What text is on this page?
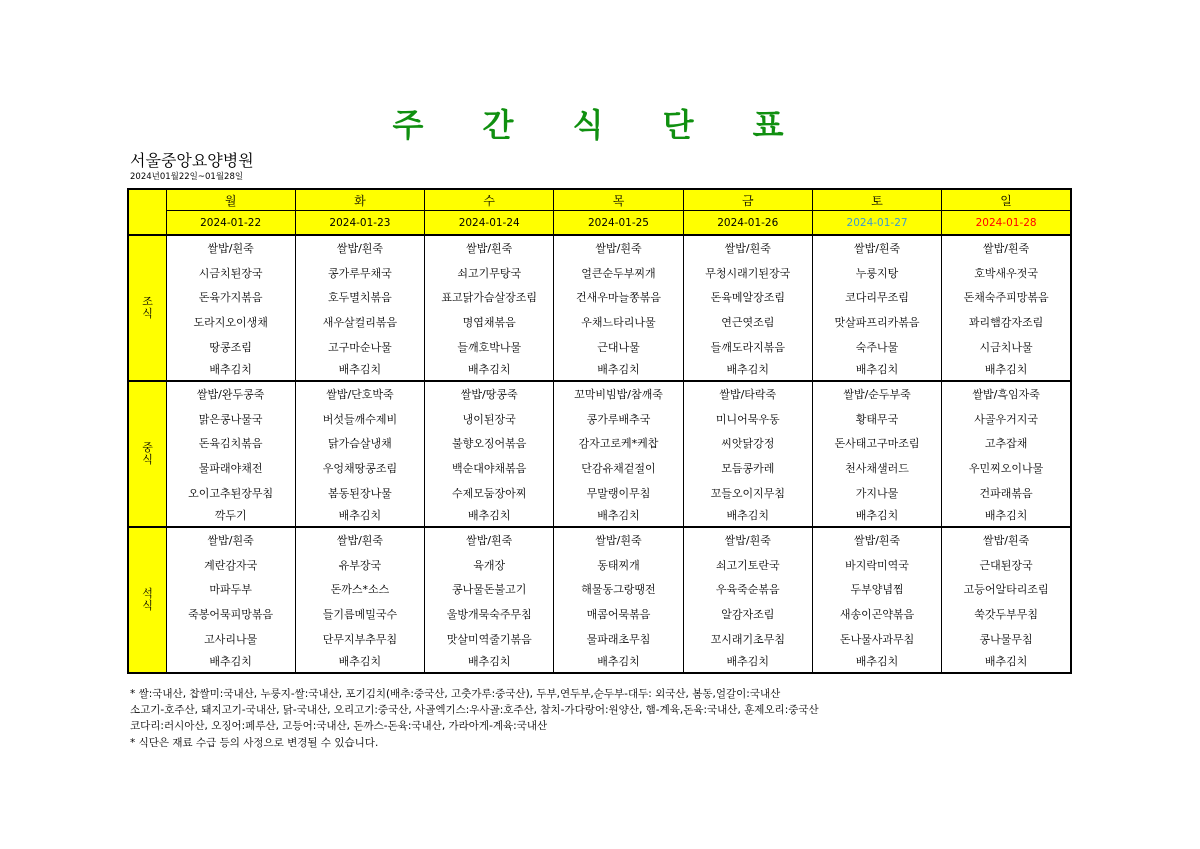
주 간 식 단 표
서울중앙요양병원
2024년01월22일~01월28일
	월	화	수	목	금	토	일
	2024-01-22	2024-01-23	2024-01-24	2024-01-25	2024-01-26	2024-01-27	2024-01-28
조식	쌀밥/흰죽	쌀밥/흰죽	쌀밥/흰죽	쌀밥/흰죽	쌀밥/흰죽	쌀밥/흰죽	쌀밥/흰죽
	시금치된장국	콩가루무채국	쇠고기무탕국	얼큰순두부찌개	무청시래기된장국	누룽지탕	호박새우젓국
	돈육가지볶음	호두멸치볶음	표고닭가슴살장조림	건새우마늘쫑볶음	돈육메알장조림	코다리무조림	돈채숙주피망볶음
	도라지오이생채	새우살컬리볶음	명엽채볶음	우채느타리나물	연근엿조림	맛살파프리카볶음	꽈리햄감자조림
	땅콩조림	고구마순나물	들깨호박나물	근대나물	들깨도라지볶음	숙주나물	시금치나물
	배추김치	배추김치	배추김치	배추김치	배추김치	배추김치	배추김치
중식	쌀밥/완두콩죽	쌀밥/단호박죽	쌀밥/땅콩죽	꼬막비빔밥/참깨죽	쌀밥/타락죽	쌀밥/순두부죽	쌀밥/흑임자죽
	맑은콩나물국	버섯들깨수제비	냉이된장국	콩가루배추국	미니어묵우동	황태무국	사골우거지국
	돈육김치볶음	닭가슴살냉채	불향오징어볶음	감자고로케*케찹	씨앗닭강정	돈사태고구마조림	고추잡채
	물파래야채전	우엉채땅콩조림	백순대야채볶음	단감유채겉절이	모듬콩카레	천사채샐러드	우민찌오이나물
	오이고추된장무침	봄동된장나물	수제모둠장아찌	무말랭이무침	꼬들오이지무침	가지나물	건파래볶음
	깍두기	배추김치	배추김치	배추김치	배추김치	배추김치	배추김치
석식	쌀밥/흰죽	쌀밥/흰죽	쌀밥/흰죽	쌀밥/흰죽	쌀밥/흰죽	쌀밥/흰죽	쌀밥/흰죽
	계란감자국	유부장국	육개장	동태찌개	쇠고기토란국	바지락미역국	근대된장국
	마파두부	돈까스*소스	콩나물돈불고기	해물동그랑땡전	우육죽순볶음	두부양념찜	고등어알타리조림
	죽봉어묵피망볶음	들기름메밀국수	울방개묵숙주무침	매콤어묵볶음	알감자조림	새송이곤약볶음	쑥갓두부무침
	고사리나물	단무지부추무침	맛살미역줄기볶음	물파래초무침	꼬시래기초무침	돈나물사과무침	콩나물무침
	배추김치	배추김치	배추김치	배추김치	배추김치	배추김치	배추김치
* 쌀:국내산, 찹쌀미:국내산, 누룽지-쌀:국내산, 포기김치(배추:중국산, 고춧가루:중국산), 두부,연두부,순두부-대두: 외국산, 봄동,얼갈이:국내산
소고기-호주산, 돼지고기-국내산, 닭-국내산, 오리고기:중국산, 사골엑기스:우사골:호주산, 참치-가다랑어:원양산, 햄-계육,돈육:국내산, 훈제오리:중국산
코다리:러시아산, 오징어:페루산, 고등어:국내산, 돈까스-돈육:국내산, 가라아게-계육:국내산
* 식단은 재료 수급 등의 사정으로 변경될 수 있습니다.
